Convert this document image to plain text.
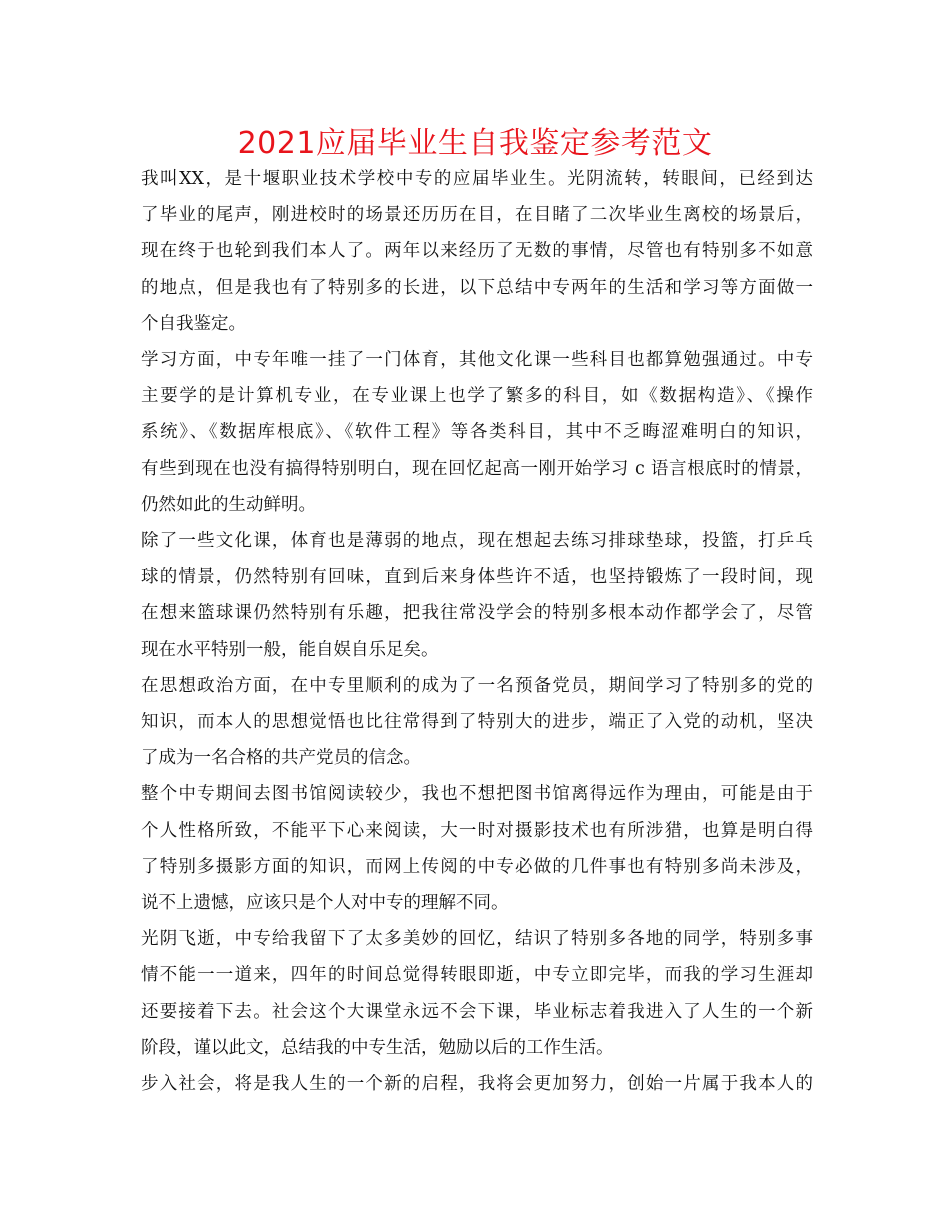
2021应届毕业生自我鉴定参考范文
我叫XX，是十堰职业技术学校中专的应届毕业生。光阴流转，转眼间，已经到达
了毕业的尾声，刚进校时的场景还历历在目，在目睹了二次毕业生离校的场景后，
现在终于也轮到我们本人了。两年以来经历了无数的事情，尽管也有特别多不如意
的地点，但是我也有了特别多的长进，以下总结中专两年的生活和学习等方面做一
个自我鉴定。
学习方面，中专年唯一挂了一门体育，其他文化课一些科目也都算勉强通过。中专
主要学的是计算机专业，在专业课上也学了繁多的科目，如《数据构造》、《操作
系统》、《数据库根底》、《软件工程》等各类科目，其中不乏晦涩难明白的知识，
有些到现在也没有搞得特别明白，现在回忆起高一刚开始学习 c 语言根底时的情景，
仍然如此的生动鲜明。
除了一些文化课，体育也是薄弱的地点，现在想起去练习排球垫球，投篮，打乒乓
球的情景，仍然特别有回味，直到后来身体些许不适，也坚持锻炼了一段时间，现
在想来篮球课仍然特别有乐趣，把我往常没学会的特别多根本动作都学会了，尽管
现在水平特别一般，能自娱自乐足矣。
在思想政治方面，在中专里顺利的成为了一名预备党员，期间学习了特别多的党的
知识，而本人的思想觉悟也比往常得到了特别大的进步，端正了入党的动机，坚决
了成为一名合格的共产党员的信念。
整个中专期间去图书馆阅读较少，我也不想把图书馆离得远作为理由，可能是由于
个人性格所致，不能平下心来阅读，大一时对摄影技术也有所涉猎，也算是明白得
了特别多摄影方面的知识，而网上传阅的中专必做的几件事也有特别多尚未涉及，
说不上遗憾，应该只是个人对中专的理解不同。
光阴飞逝，中专给我留下了太多美妙的回忆，结识了特别多各地的同学，特别多事
情不能一一道来，四年的时间总觉得转眼即逝，中专立即完毕，而我的学习生涯却
还要接着下去。社会这个大课堂永远不会下课，毕业标志着我进入了人生的一个新
阶段，谨以此文，总结我的中专生活，勉励以后的工作生活。
步入社会，将是我人生的一个新的启程，我将会更加努力，创始一片属于我本人的
